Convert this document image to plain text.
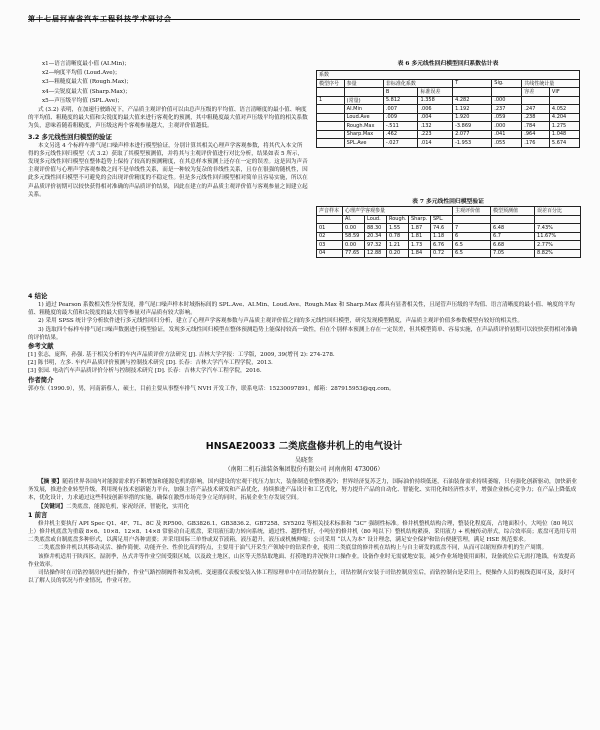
第十七届河南省汽车工程科技学术研讨会

x1—语言清晰度最小值 (AI.Min)；

x2—响度平均值 (Loud.Ave)；

x3—粗糙度最大值 (Rough.Max)；

x4—尖锐度最大值 (Sharp.Max)；

x5—声压级平均值 (SPL.Ave)；

式 (3.2) 表明，在加速行驶路况下，产品质主观评价值可以由总声压级的平均值、语言清晰度的最小值、响度的平均值、粗糙度的最大值和尖锐度的最大值来进行客观化的预测，其中粗糙度最大值对声压级平均值的相关系数为负，意味着随着粗糙度，声压级这两个客观参量越大，主观评价值越低。

3.2 多元线性回归模型的验证

本文另选 4 个标样车排气尾口噪声样本进行模型验证，分别计算其相关心理声学客观参数，将其代入本文所得的多元线性回归模型（式 3.2）获取了其模型预测值，并将其与主观评价值进行对比分析，结果如表 5 所示，发现多元线性回归模型在整体趋势上保持了较高的预测精度，在其总样本预测上还存在一定的误差。这是因为声音主观评价值与心理声学客观参数之间不是单线性关系，而是一种较为复杂的非线性关系，且存在很强的随机性，因此多元线性回归模型不可避免的会出现评价精度的不稳定性。但是多元线性回归模型相对简单且容易实施，所以在声品质评价初期可以较快获得相对准确的声品质评价结果，因此在建立的声品质主观评价值与客观参量之间建立起关系。

表 6 多元线性回归模型回归系数估计表
系数							
模型序号	参量	非标准化系数		T	Sig.	共线性统计量	
		B	标准误差			容差	VIF
1	(常量)	5.812	1.358	4.282	.000		
	AI.Min	.007	.006	1.192	.237	.247	4.052
	Loud.Ave	.009	.004	1.920	.059	.238	4.204
	Rough.Max	-.511	.132	-3.869	.000	.784	1.275
	Sharp.Max	.462	.223	2.077	.041	.964	1.048
	SPL.Ave	-.027	.014	-1.953	.055	.176	5.674
表 7 多元线性回归模型验证
声音样本	心理声学客观参量					主观评价值	模型预测值	误差百分比
	AI.	Loud.	Rough.	Sharp.	SPL.			
01	0.00	88.30	1.55	1.87	74.6	7	6.48	7.43%
02	58.59	20.34	0.78	1.81	1.18	6	6.7	11.67%
03	0.00	97.32	1.21	1.73	6.76	6.5	6.68	2.77%
04	77.65	12.88	0.20	1.84	0.72	6.5	7.05	8.82%

4 结论

1) 通过 Pearson 系数相关性分析发现，排气尾口噪声样本时域指标间的 SPL.Ave、AI.Min、Loud.Ave、Rough.Max 和 Sharp.Max 都具有显著相关性，且尾管声压级的平均值、语言清晰度的最小值、响度的平均值、粗糙度的最大值和尖锐度的最大值等参量对声品质有较大影响。

2) 采用 SPSS 统计学分析软件进行多元线性回归分析，建立了心理声学客观参数与声品质主观评价值之间的多元线性回归模型，研究发现模型精度，声品质主观评价值多参数模型有较好的相关性。

3) 选取四个标样车排气尾口噪声数据进行模型验证，发现多元线性回归模型在整体预测趋势上能保持较高一致性，但在个别样本预测上存在一定误差，但其模型简单、容易实施，在声品质评价初期可以较快获得相对准确的评价结果。

参考文献

[1] 张志，庞辉，孙强. 基于相关分析的车内声品质评价方法研究 [J]. 吉林大学学报：工学版，2009, 39(增刊 2): 274-278.

[2] 陈书明，左多. 车内声品质评价预测与控制技术研究 [D]. 长春：吉林大学汽车工程学院，2013.

[3] 张园. 电动汽车声品质评价分析与控制技术研究 [D]. 长春：吉林大学汽车工程学院，2016.

作者简介

郭亦东（1990.9），男，河南新蔡人，硕士，目前主要从事整车排气 NVH 开发工作，联系电话：15230097891，邮箱：287915953@qq.com。

HNSAE20033 二类底盘修井机上的电气设计
吴晓奎
（南阳二机石油装备集团股份有限公司 河南南阳 473006）

【摘 要】随着世界各国内对能源需求的不断增加和能源危机的影响，国内建设的宏观干扰压力加大，装备制造业整体遇冷；世界经济复苏乏力，国际油价持续低迷，石油装备需求持续萎缩，只有强化创新驱动，加快新业务发展，推进企业转型升级，利用现有技术创新能力平台，加强主营产品技术研发和产品优化，持续推进产品设计和工艺优化，努力提升产品的自动化、智能化、实用化和经济性水平，增强企业核心竞争力；在产品上降低成本，优化设计，力求通过这些科技创新举措的实施，确保在激烈市场竞争立足的同时，拓展企业生存发展空间。

【关键词】二类底盘，能源危机，家祝经济，智能化，实用化

1 前言

修井机主要执行 API Spec Q1、4F、7L、8C 及 RP500、GB3826.1、GB3836.2、GB7258、SY5202 等相关技术标准和 “3C” 强制性标准。修井机整机结构合理，整装化程度高，占地面积小，大吨位（80 吨以上）修井机底盘为重载 8×6、10×8、12×8、14×8 常驱动自走底盘，采用液压助力转向系统，通过性、越野性好，小吨位的修井机（80 吨以下）整机结构紧凑，采用液力 + 机械传动形式，综合效率高；底盘可选用专用二类底盘或自制底盘多种形式，以满足用户各种需要；并采用国际三单脊或双节液箱，液压超升，液压或机械伸缩；公司采用 “以人为本” 设计理念，满足安全保护和钻台便捷管理，满足 HSE 规范要求。

二类底盘修井机以其移动灵活、操作简便、功能齐全、性价比高的特点，主要用于油气开采生产领域中的钻采作业，使用二类底盘的修井机在结构上与自主研发的底盘不同，从而可以缩短修井机的生产周期。

该修井机适用于陕西区，湿润季，丛式井等作业空间受限区域，以及政土地区，山区等天然钻取地面、打捞地的井况恢井口操作业。设备作业时无需就地安装，减少作业场地使用面积，设备就位后无需打地锚，有效提高作业效率。

司钻操作时在司钻控制房内进行操作，作业气路控制阀件和发动机、变速器仪表板安装入体工程原理单中在司钻控制台上，司钻控制台安装于司钻控制房室后，而钻控制台是采用上，便操作人员的视线范围可及，及时可以了解人员的状况与作业情况，作业可控。
